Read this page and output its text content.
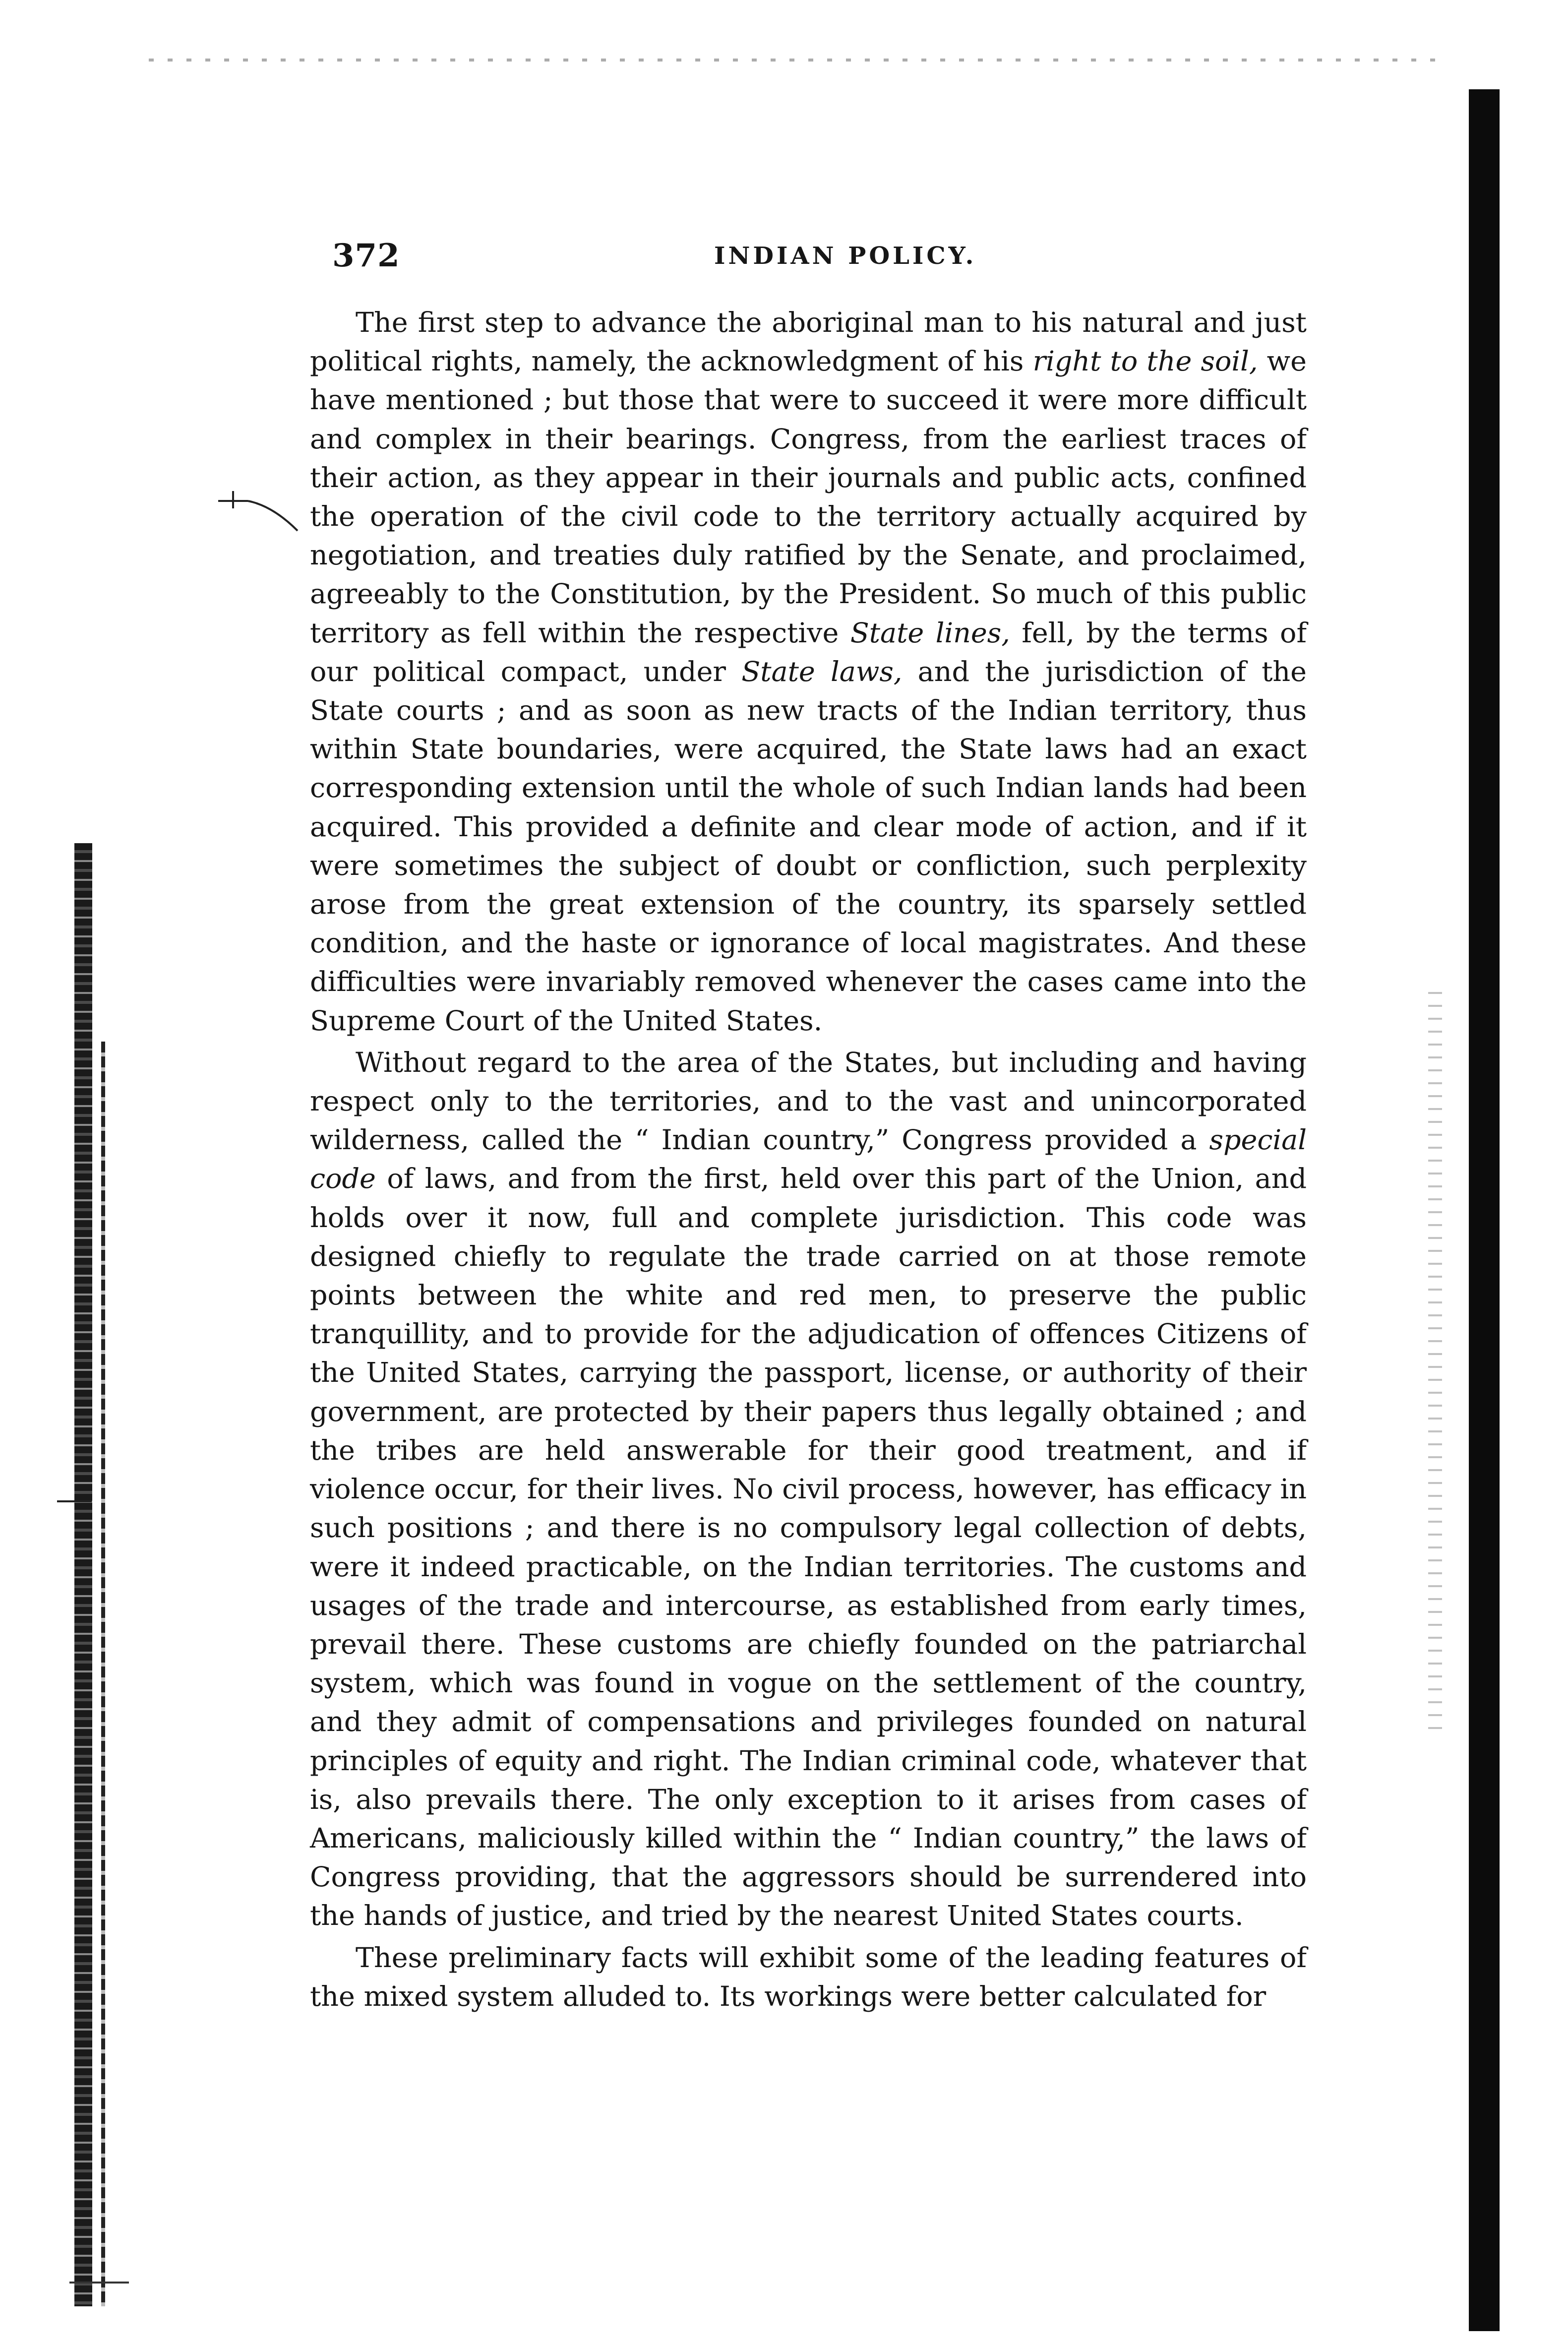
372	INDIAN POLICY.

The first step to advance the aboriginal man to his natural and just political rights, namely, the acknowledgment of his right to the soil, we have mentioned ; but those that were to succeed it were more difficult and complex in their bearings. Congress, from the earliest traces of their action, as they appear in their journals and public acts, confined the operation of the civil code to the territory actually acquired by negotiation, and treaties duly ratified by the Senate, and proclaimed, agreeably to the Constitution, by the President. So much of this public territory as fell within the respective State lines, fell, by the terms of our political compact, under State laws, and the jurisdiction of the State courts ; and as soon as new tracts of the Indian territory, thus within State boundaries, were acquired, the State laws had an exact corresponding extension until the whole of such Indian lands had been acquired. This provided a definite and clear mode of action, and if it were sometimes the subject of doubt or confliction, such perplexity arose from the great extension of the country, its sparsely settled condition, and the haste or ignorance of local magistrates. And these difficulties were invariably removed whenever the cases came into the Supreme Court of the United States.

Without regard to the area of the States, but including and having respect only to the territories, and to the vast and unincorporated wilderness, called the “ Indian country,” Congress provided a special code of laws, and from the first, held over this part of the Union, and holds over it now, full and complete jurisdiction. This code was designed chiefly to regulate the trade carried on at those remote points between the white and red men, to preserve the public tranquillity, and to provide for the adjudication of offences Citizens of the United States, carrying the passport, license, or authority of their government, are protected by their papers thus legally obtained ; and the tribes are held answerable for their good treatment, and if violence occur, for their lives. No civil process, however, has efficacy in such positions ; and there is no compulsory legal collection of debts, were it indeed practicable, on the Indian territories. The customs and usages of the trade and intercourse, as established from early times, prevail there. These customs are chiefly founded on the patriarchal system, which was found in vogue on the settlement of the country, and they admit of compensations and privileges founded on natural principles of equity and right. The Indian criminal code, whatever that is, also prevails there. The only exception to it arises from cases of Americans, maliciously killed within the “ Indian country,” the laws of Congress providing, that the aggressors should be surrendered into the hands of justice, and tried by the nearest United States courts.

These preliminary facts will exhibit some of the leading features of the mixed system alluded to. Its workings were better calculated for
